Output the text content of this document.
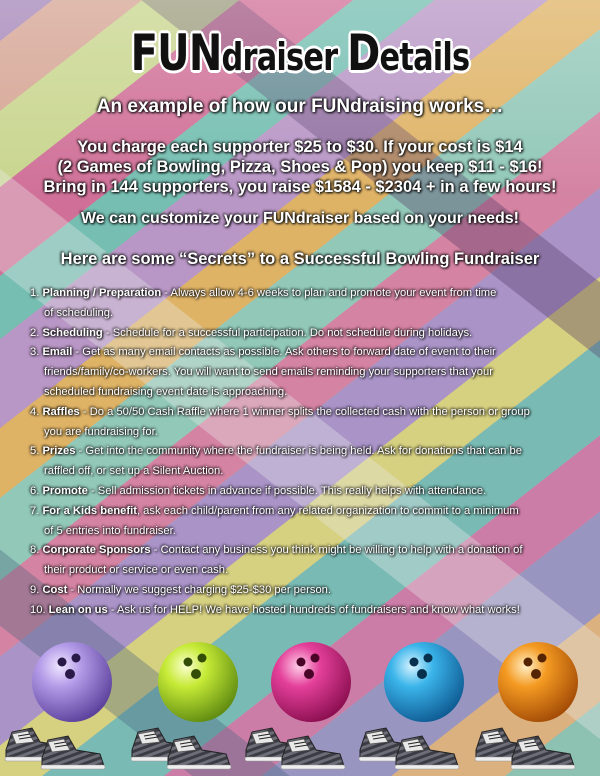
FUNdraiser Details
An example of how our FUNdraising works…
You charge each supporter $25 to $30. If your cost is $14
(2 Games of Bowling, Pizza, Shoes & Pop) you keep $11 - $16!
Bring in 144 supporters, you raise $1584 - $2304 + in a few hours!
We can customize your FUNdraiser based on your needs!
Here are some “Secrets” to a Successful Bowling Fundraiser
1. Planning / Preparation - Always allow 4-6 weeks to plan and promote your event from time
of scheduling.
2. Scheduling - Schedule for a successful participation. Do not schedule during holidays.
3. Email - Get as many email contacts as possible. Ask others to forward date of event to their
friends/family/co-workers. You will want to send emails reminding your supporters that your
scheduled fundraising event date is approaching.
4. Raffles - Do a 50/50 Cash Raffle where 1 winner splits the collected cash with the person or group
you are fundraising for.
5. Prizes - Get into the community where the fundraiser is being held. Ask for donations that can be
raffled off, or set up a Silent Auction.
6. Promote - Sell admission tickets in advance if possible. This really helps with attendance.
7. For a Kids benefit, ask each child/parent from any related organization to commit to a minimum
of 5 entries into fundraiser.
8. Corporate Sponsors - Contact any business you think might be willing to help with a donation of
their product or service or even cash.
9. Cost - Normally we suggest charging $25-$30 per person.
10. Lean on us - Ask us for HELP! We have hosted hundreds of fundraisers and know what works!
